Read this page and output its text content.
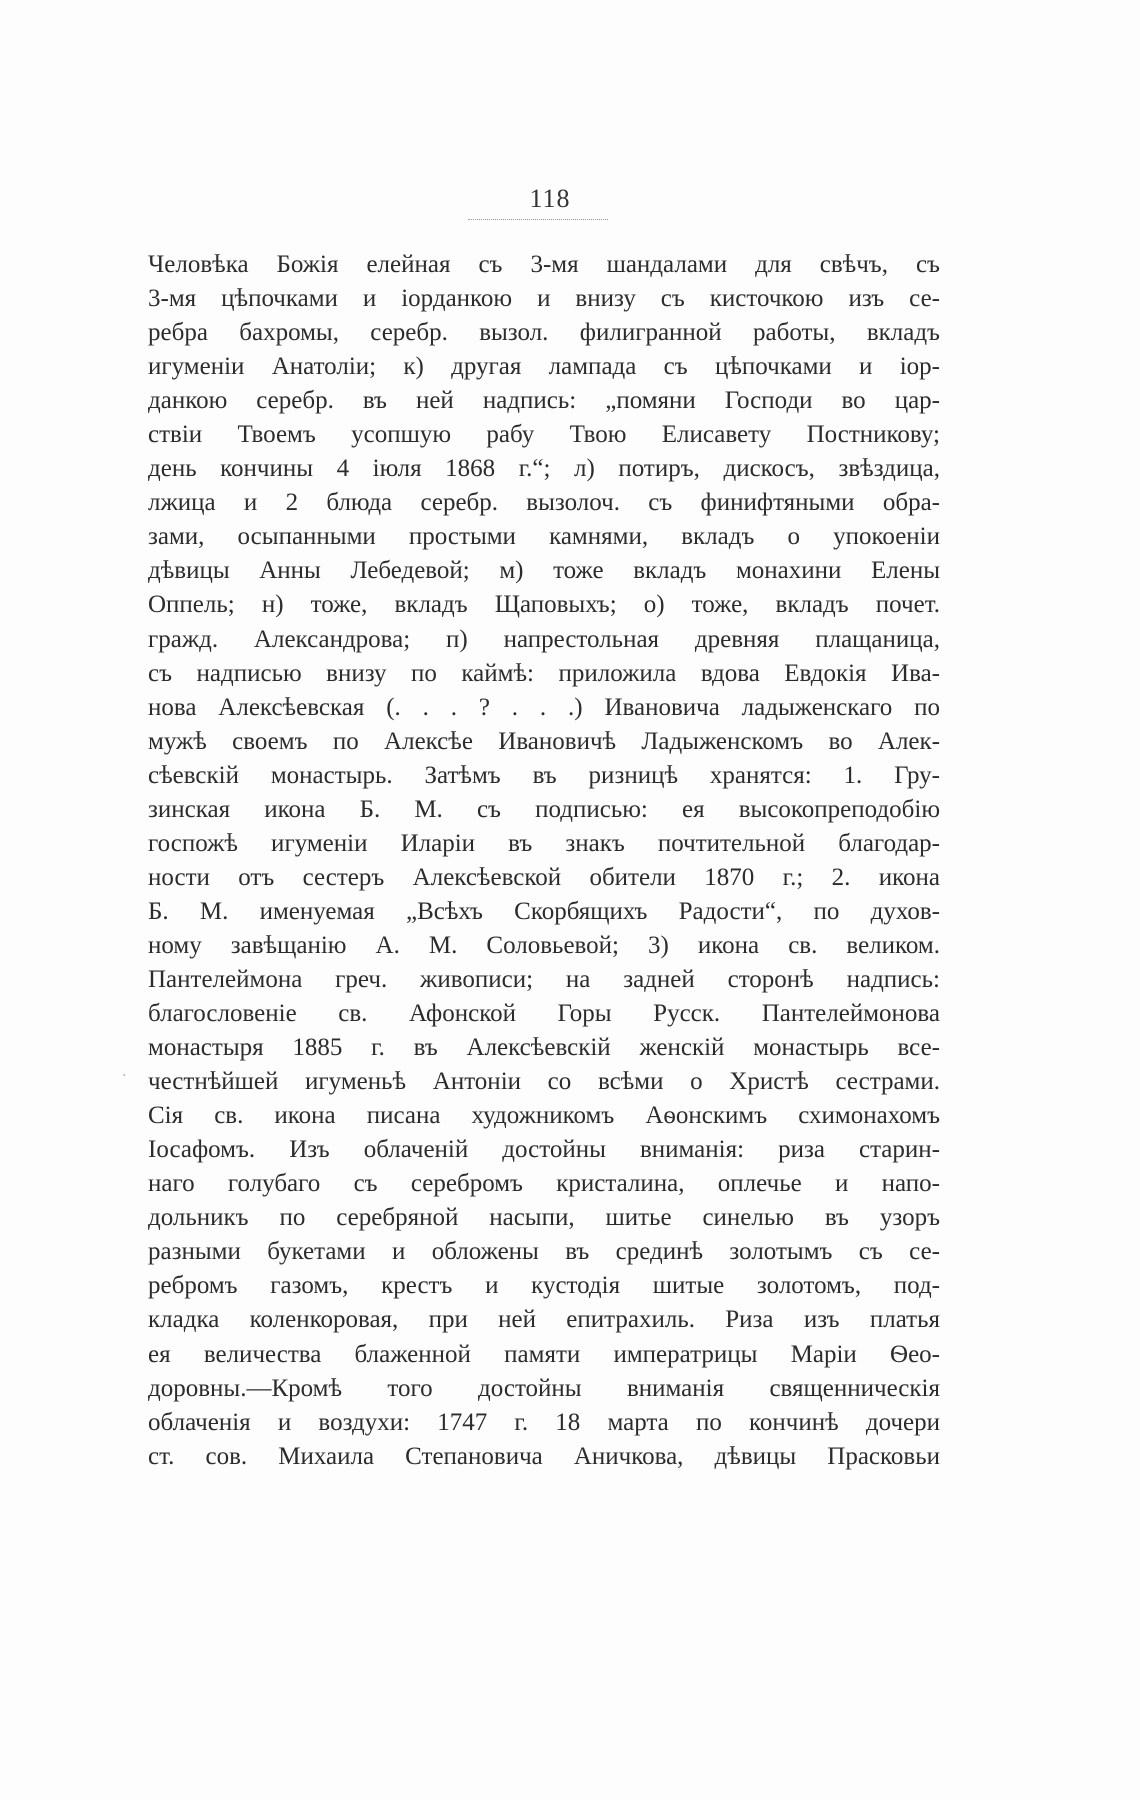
118
·
Человѣка Божія елейная съ 3-мя шандалами для свѣчъ, съ
3-мя цѣпочками и іорданкою и внизу съ кисточкою изъ се-
ребра бахромы, серебр. вызол. филигранной работы, вкладъ
игуменіи Анатоліи; к) другая лампада съ цѣпочками и іор-
данкою серебр. въ ней надпись: „помяни Господи во цар-
ствіи Твоемъ усопшую рабу Твою Елисавету Постникову;
день кончины 4 іюля 1868 г.“; л) потиръ, дискосъ, звѣздица,
лжица и 2 блюда серебр. вызолоч. съ финифтяными обра-
зами, осыпанными простыми камнями, вкладъ о упокоеніи
дѣвицы Анны Лебедевой; м) тоже вкладъ монахини Елены
Оппель; н) тоже, вкладъ Щаповыхъ; о) тоже, вкладъ почет.
гражд. Александрова; п) напрестольная древняя плащаница,
съ надписью внизу по каймѣ: приложила вдова Евдокія Ива-
нова Алексѣевская (. . . ? . . .) Ивановича ладыженскаго по
мужѣ своемъ по Алексѣе Ивановичѣ Ладыженскомъ во Алек-
сѣевскій монастырь. Затѣмъ въ ризницѣ хранятся: 1. Гру-
зинская икона Б. М. съ подписью: ея высокопреподобію
госпожѣ игуменіи Иларіи въ знакъ почтительной благодар-
ности отъ сестеръ Алексѣевской обители 1870 г.; 2. икона
Б. М. именуемая „Всѣхъ Скорбящихъ Радости“, по духов-
ному завѣщанію А. М. Соловьевой; 3) икона св. великом.
Пантелеймона греч. живописи; на задней сторонѣ надпись:
благословеніе св. Афонской Горы Русск. Пантелеймонова
монастыря 1885 г. въ Алексѣевскій женскій монастырь все-
честнѣйшей игуменьѣ Антоніи со всѣми о Христѣ сестрами.
Сія св. икона писана художникомъ Аѳонскимъ схимонахомъ
Іосафомъ. Изъ облаченій достойны вниманія: риза старин-
наго голубаго съ серебромъ кристалина, оплечье и напо-
дольникъ по серебряной насыпи, шитье синелью въ узоръ
разными букетами и обложены въ срединѣ золотымъ съ се-
ребромъ газомъ, крестъ и кустодія шитые золотомъ, под-
кладка коленкоровая, при ней епитрахиль. Риза изъ платья
ея величества блаженной памяти императрицы Маріи Ѳео-
доровны.—Кромѣ того достойны вниманія священническія
облаченія и воздухи: 1747 г. 18 марта по кончинѣ дочери
ст. сов. Михаила Степановича Аничкова, дѣвицы Прасковьи
